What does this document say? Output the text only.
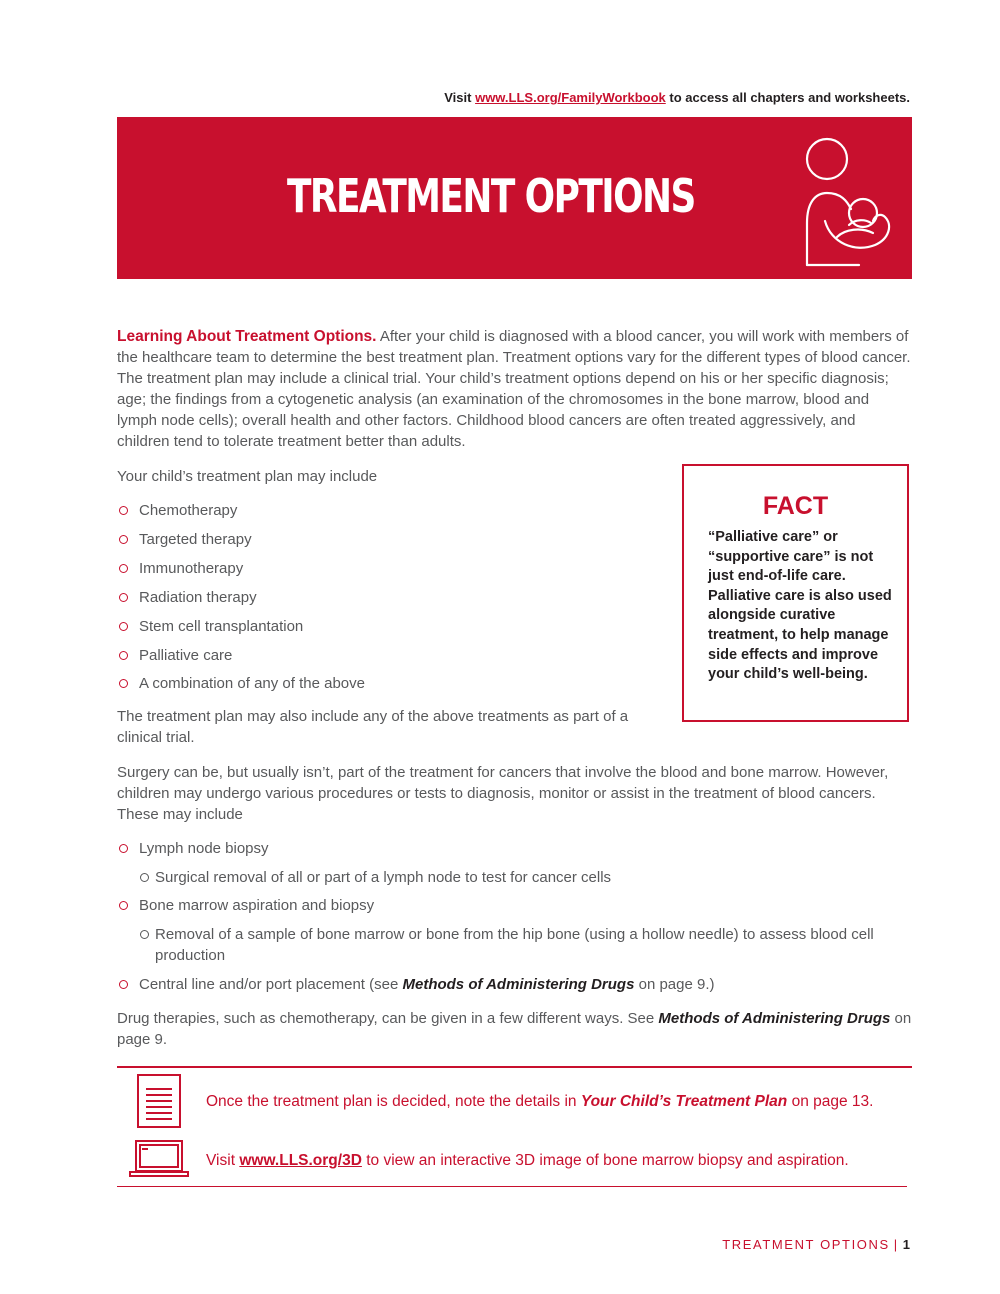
Visit www.LLS.org/FamilyWorkbook to access all chapters and worksheets.
TREATMENT OPTIONS

Learning About Treatment Options. After your child is diagnosed with a blood cancer, you will work with members of the healthcare team to determine the best treatment plan. Treatment options vary for the different types of blood cancer. The treatment plan may include a clinical trial. Your child’s treatment options depend on his or her specific diagnosis; age; the findings from a cytogenetic analysis (an examination of the chromosomes in the bone marrow, blood and lymph node cells); overall health and other factors. Childhood blood cancers are often treated aggressively, and children tend to tolerate treatment better than adults.

Your child’s treatment plan may include

Chemotherapy
Targeted therapy
Immunotherapy
Radiation therapy
Stem cell transplantation
Palliative care
A combination of any of the above

The treatment plan may also include any of the above treatments as part of a clinical trial.

FACT
“Palliative care” or “supportive care” is not just end-of-life care. Palliative care is also used alongside curative treatment, to help manage side effects and improve your child’s well-being.

Surgery can be, but usually isn’t, part of the treatment for cancers that involve the blood and bone marrow. However, children may undergo various procedures or tests to diagnosis, monitor or assist in the treatment of blood cancers. These may include

Lymph node biopsy
Surgical removal of all or part of a lymph node to test for cancer cells
Bone marrow aspiration and biopsy
Removal of a sample of bone marrow or bone from the hip bone (using a hollow needle) to assess blood cell production
Central line and/or port placement (see Methods of Administering Drugs on page 9.)

Drug therapies, such as chemotherapy, can be given in a few different ways. See Methods of Administering Drugs on page 9.

Once the treatment plan is decided, note the details in Your Child’s Treatment Plan on page 13.
Visit www.LLS.org/3D to view an interactive 3D image of bone marrow biopsy and aspiration.
TREATMENT OPTIONS | 1
